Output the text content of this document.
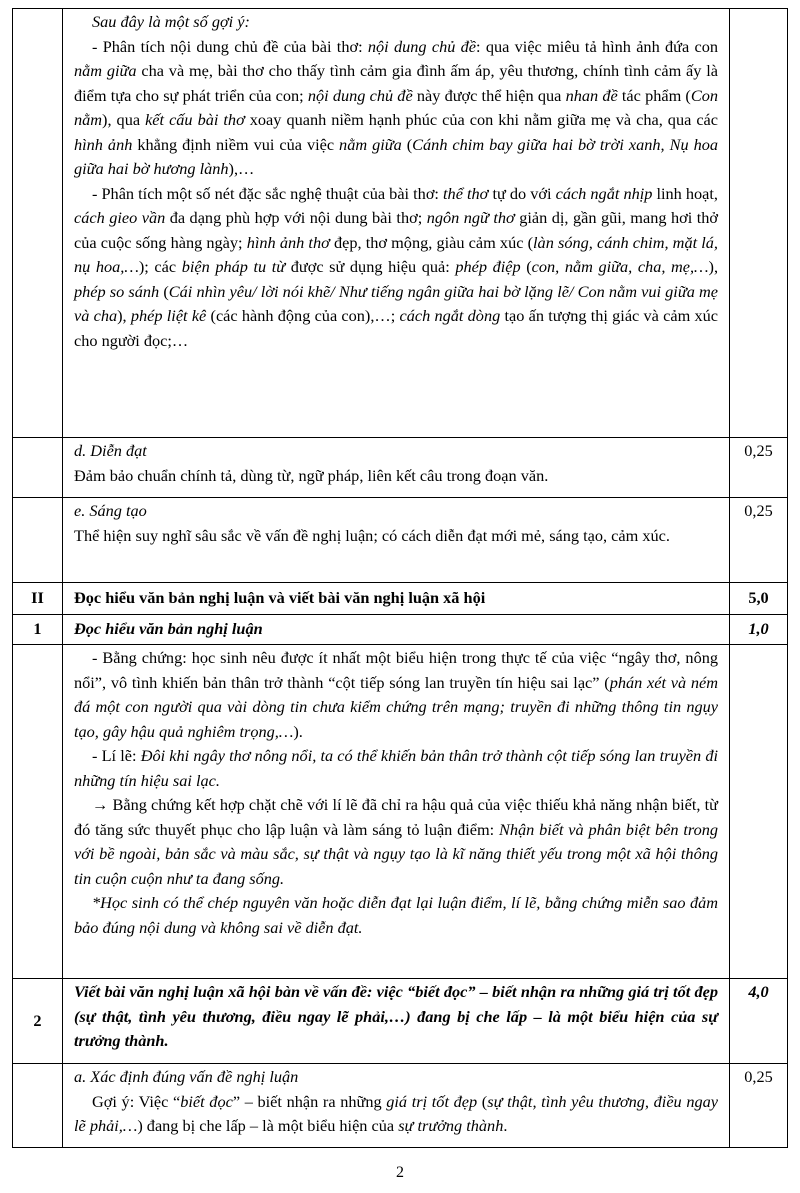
	Sau đây là một số gợi ý:

- Phân tích nội dung chủ đề của bài thơ: nội dung chủ đề: qua việc miêu tả hình ảnh đứa con nằm giữa cha và mẹ, bài thơ cho thấy tình cảm gia đình ấm áp, yêu thương, chính tình cảm ấy là điểm tựa cho sự phát triển của con; nội dung chủ đề này được thể hiện qua nhan đề tác phẩm (Con nằm), qua kết cấu bài thơ xoay quanh niềm hạnh phúc của con khi nằm giữa mẹ và cha, qua các hình ảnh khẳng định niềm vui của việc nằm giữa (Cánh chim bay giữa hai bờ trời xanh, Nụ hoa giữa hai bờ hương lành),…

- Phân tích một số nét đặc sắc nghệ thuật của bài thơ: thể thơ tự do với cách ngắt nhịp linh hoạt, cách gieo vần đa dạng phù hợp với nội dung bài thơ; ngôn ngữ thơ giản dị, gần gũi, mang hơi thở của cuộc sống hàng ngày; hình ảnh thơ đẹp, thơ mộng, giàu cảm xúc (làn sóng, cánh chim, mặt lá, nụ hoa,…); các biện pháp tu từ được sử dụng hiệu quả: phép điệp (con, nằm giữa, cha, mẹ,…), phép so sánh (Cái nhìn yêu/ lời nói khẽ/ Như tiếng ngân giữa hai bờ lặng lẽ/ Con nằm vui giữa mẹ và cha), phép liệt kê (các hành động của con),…; cách ngắt dòng tạo ấn tượng thị giác và cảm xúc cho người đọc;…	

	d. Diễn đạt

Đảm bảo chuẩn chính tả, dùng từ, ngữ pháp, liên kết câu trong đoạn văn.	0,25

	e. Sáng tạo

Thể hiện suy nghĩ sâu sắc về vấn đề nghị luận; có cách diễn đạt mới mẻ, sáng tạo, cảm xúc.	0,25
II	Đọc hiểu văn bản nghị luận và viết bài văn nghị luận xã hội	5,0
1	Đọc hiểu văn bản nghị luận	1,0

	- Bằng chứng: học sinh nêu được ít nhất một biểu hiện trong thực tế của việc “ngây thơ, nông nổi”, vô tình khiến bản thân trở thành “cột tiếp sóng lan truyền tín hiệu sai lạc” (phán xét và ném đá một con người qua vài dòng tin chưa kiểm chứng trên mạng; truyền đi những thông tin ngụy tạo, gây hậu quả nghiêm trọng,…).

- Lí lẽ: Đôi khi ngây thơ nông nổi, ta có thể khiến bản thân trở thành cột tiếp sóng lan truyền đi những tín hiệu sai lạc.

→ Bằng chứng kết hợp chặt chẽ với lí lẽ đã chỉ ra hậu quả của việc thiếu khả năng nhận biết, từ đó tăng sức thuyết phục cho lập luận và làm sáng tỏ luận điểm: Nhận biết và phân biệt bên trong với bề ngoài, bản sắc và màu sắc, sự thật và ngụy tạo là kĩ năng thiết yếu trong một xã hội thông tin cuộn cuộn như ta đang sống.

*Học sinh có thể chép nguyên văn hoặc diễn đạt lại luận điểm, lí lẽ, bằng chứng miễn sao đảm bảo đúng nội dung và không sai về diễn đạt.	

2	Viết bài văn nghị luận xã hội bàn về vấn đề: việc “biết đọc” – biết nhận ra những giá trị tốt đẹp (sự thật, tình yêu thương, điều ngay lẽ phải,…) đang bị che lấp – là một biểu hiện của sự trưởng thành.	4,0

	a. Xác định đúng vấn đề nghị luận

Gợi ý: Việc “biết đọc” – biết nhận ra những giá trị tốt đẹp (sự thật, tình yêu thương, điều ngay lẽ phải,…) đang bị che lấp – là một biểu hiện của sự trưởng thành.	0,25
2
